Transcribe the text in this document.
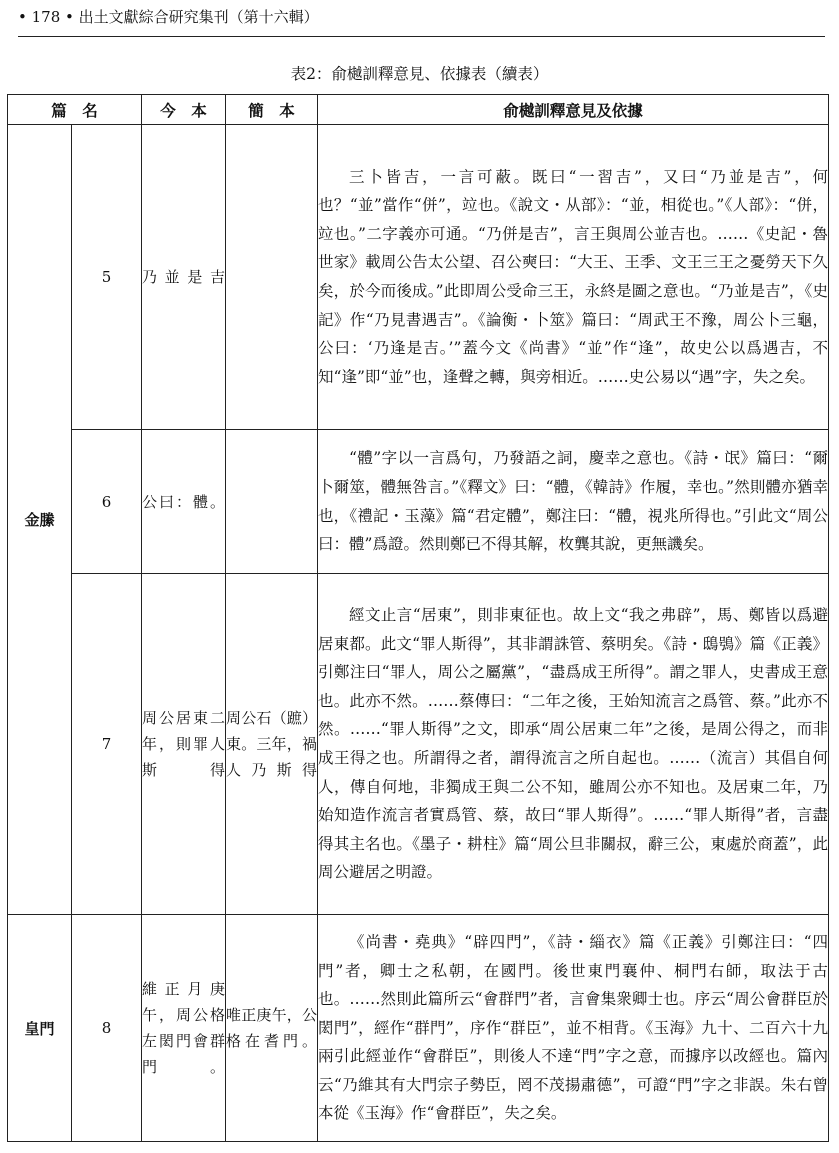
• 178 • 出土文獻綜合研究集刊（第十六輯）
表2：俞樾訓釋意見、依據表（續表）
篇　名		今　本	簡　本	俞樾訓釋意見及依據
金縢	5	乃並是吉		三卜皆吉，一言可蔽。既曰“一習吉”，又曰“乃並是吉”，何也？“並”當作“併”，竝也。《說文・从部》：“並，相從也。”《人部》：“併，竝也。”二字義亦可通。“乃併是吉”，言王與周公並吉也。……《史記・魯世家》載周公告太公望、召公奭曰：“大王、王季、文王三王之憂勞天下久矣，於今而後成。”此即周公受命三王，永終是圖之意也。“乃並是吉”，《史記》作“乃見書遇吉”。《論衡・卜筮》篇曰：“周武王不豫，周公卜三龜，公曰：‘乃逢是吉。’”蓋今文《尚書》“並”作“逢”，故史公以爲遇吉，不知“逢”即“並”也，逢聲之轉，與旁相近。……史公易以“遇”字，失之矣。

	6	公曰：體。		“體”字以一言爲句，乃發語之詞，慶幸之意也。《詩・氓》篇曰：“爾卜爾筮，體無咎言。”《釋文》曰：“體，《韓詩》作履，幸也。”然則體亦猶幸也，《禮記・玉藻》篇“君定體”，鄭注曰：“體，視兆所得也。”引此文“周公曰：體”爲證。然則鄭已不得其解，枚龔其說，更無譏矣。

	7	周公居東二年，則罪人斯得	周公石（蹠）東。三年，禍人乃斯得	經文止言“居東”，則非東征也。故上文“我之弗辟”，馬、鄭皆以爲避居東都。此文“罪人斯得”，其非謂誅管、蔡明矣。《詩・鴟鴞》篇《正義》引鄭注曰“罪人，周公之屬黨”，“盡爲成王所得”。謂之罪人，史書成王意也。此亦不然。……蔡傳曰：“二年之後，王始知流言之爲管、蔡。”此亦不然。……“罪人斯得”之文，即承“周公居東二年”之後，是周公得之，而非成王得之也。所謂得之者，謂得流言之所自起也。……（流言）其倡自何人，傳自何地，非獨成王與二公不知，雖周公亦不知也。及居東二年，乃始知造作流言者實爲管、蔡，故曰“罪人斯得”。……“罪人斯得”者，言盡得其主名也。《墨子・耕柱》篇“周公旦非關叔，辭三公，東處於商蓋”，此周公避居之明證。

皇門	8	維正月庚午，周公格左閎門會群門。	唯正庚午，公格在耆門。	《尚書・堯典》“辟四門”，《詩・緇衣》篇《正義》引鄭注曰：“四門”者，卿士之私朝，在國門。後世東門襄仲、桐門右師，取法于古也。……然則此篇所云“會群門”者，言會集衆卿士也。序云“周公會群臣於閎門”，經作“群門”，序作“群臣”，並不相背。《玉海》九十、二百六十九兩引此經並作“會群臣”，則後人不達“門”字之意，而據序以改經也。篇內云“乃維其有大門宗子勢臣，罔不茂揚肅德”，可證“門”字之非誤。朱右曾本從《玉海》作“會群臣”，失之矣。
